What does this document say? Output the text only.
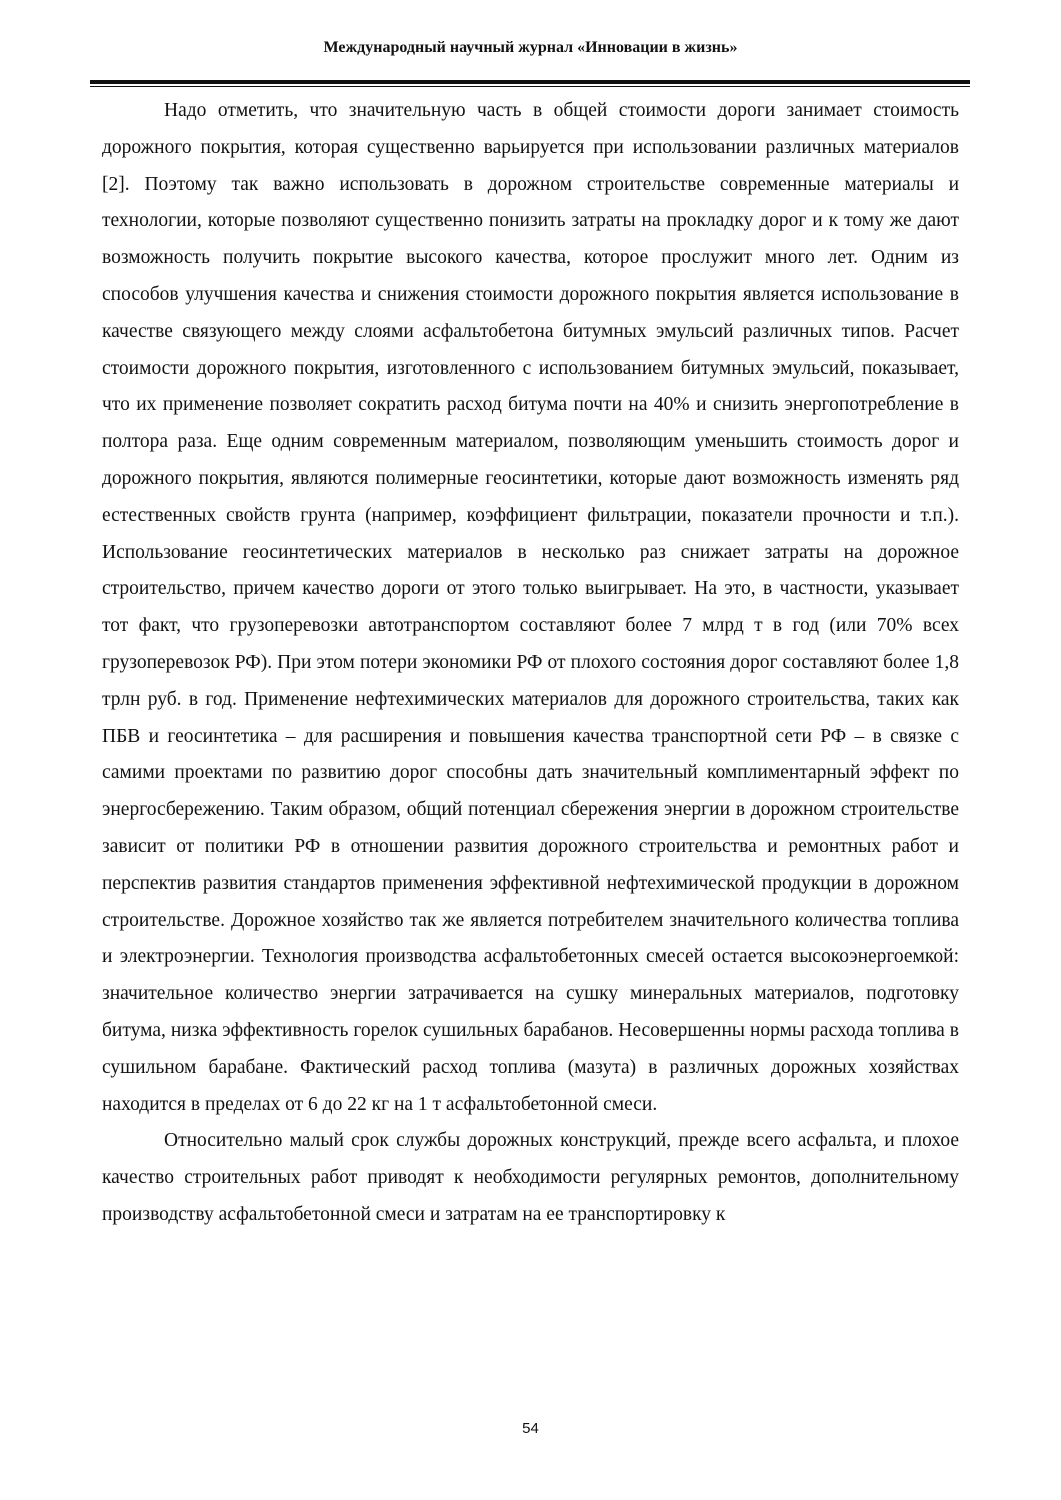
Международный научный журнал «Инновации в жизнь»

Надо отметить, что значительную часть в общей стоимости дороги занимает стоимость дорожного покрытия, которая существенно варьируется при использовании различных материалов [2]. Поэтому так важно использовать в дорожном строительстве современные материалы и технологии, которые позволяют существенно понизить затраты на прокладку дорог и к тому же дают возможность получить покрытие высокого качества, которое прослужит много лет. Одним из способов улучшения качества и снижения стоимости дорожного покрытия является использование в качестве связующего между слоями асфальтобетона битумных эмульсий различных типов. Расчет стоимости дорожного покрытия, изготовленного с использованием битумных эмульсий, показывает, что их применение позволяет сократить расход битума почти на 40% и снизить энергопотребление в полтора раза. Еще одним современным материалом, позволяющим уменьшить стоимость дорог и дорожного покрытия, являются полимерные геосинтетики, которые дают возможность изменять ряд естественных свойств грунта (например, коэффициент фильтрации, показатели прочности и т.п.). Использование геосинтетических материалов в несколько раз снижает затраты на дорожное строительство, причем качество дороги от этого только выигрывает. На это, в частности, указывает тот факт, что грузоперевозки автотранспортом составляют более 7 млрд т в год (или 70% всех грузоперевозок РФ). При этом потери экономики РФ от плохого состояния дорог составляют более 1,8 трлн руб. в год. Применение нефтехимических материалов для дорожного строительства, таких как ПБВ и геосинтетика – для расширения и повышения качества транспортной сети РФ – в связке с самими проектами по развитию дорог способны дать значительный комплиментарный эффект по энергосбережению. Таким образом, общий потенциал сбережения энергии в дорожном строительстве зависит от политики РФ в отношении развития дорожного строительства и ремонтных работ и перспектив развития стандартов применения эффективной нефтехимической продукции в дорожном строительстве. Дорожное хозяйство так же является потребителем значительного количества топлива и электроэнергии. Технология производства асфальтобетонных смесей остается высокоэнергоемкой: значительное количество энергии затрачивается на сушку минеральных материалов, подготовку битума, низка эффективность горелок сушильных барабанов. Несовершенны нормы расхода топлива в сушильном барабане. Фактический расход топлива (мазута) в различных дорожных хозяйствах находится в пределах от 6 до 22 кг на 1 т асфальтобетонной смеси.

Относительно малый срок службы дорожных конструкций, прежде всего асфальта, и плохое качество строительных работ приводят к необходимости регулярных ремонтов, дополнительному производству асфальтобетонной смеси и затратам на ее транспортировку к

54
